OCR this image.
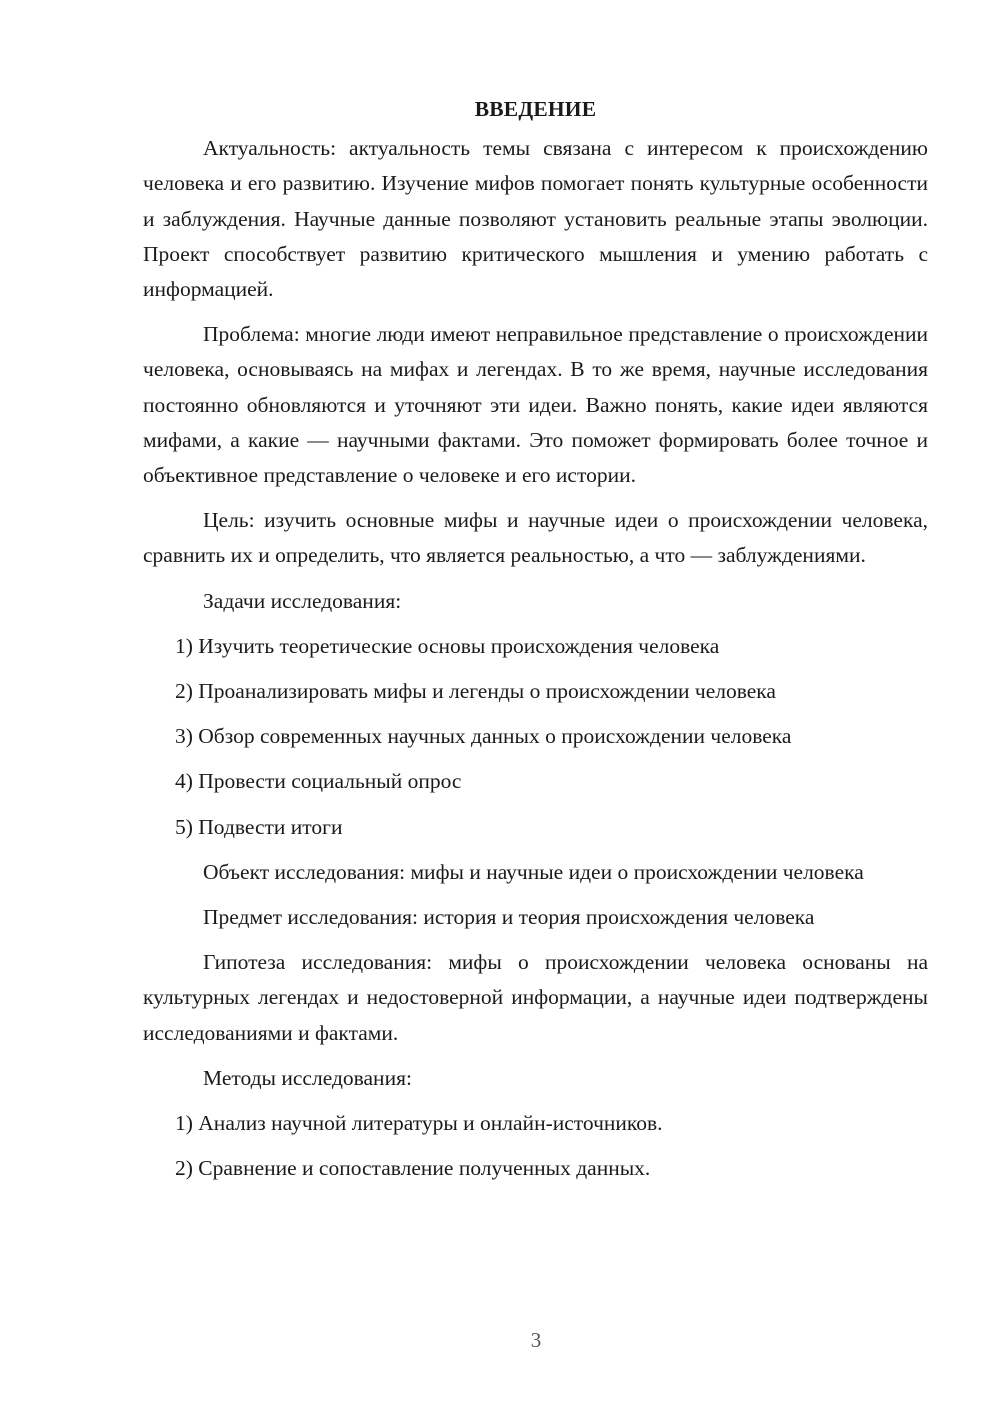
ВВЕДЕНИЕ

Актуальность: актуальность темы связана с интересом к происхождению человека и его развитию. Изучение мифов помогает понять культурные особенности и заблуждения. Научные данные позволяют установить реальные этапы эволюции. Проект способствует развитию критического мышления и умению работать с информацией.

Проблема: многие люди имеют неправильное представление о происхождении человека, основываясь на мифах и легендах. В то же время, научные исследования постоянно обновляются и уточняют эти идеи. Важно понять, какие идеи являются мифами, а какие — научными фактами. Это поможет формировать более точное и объективное представление о человеке и его истории.

Цель: изучить основные мифы и научные идеи о происхождении человека, сравнить их и определить, что является реальностью, а что — заблуждениями.

Задачи исследования:

1) Изучить теоретические основы происхождения человека
2) Проанализировать мифы и легенды о происхождении человека
3) Обзор современных научных данных о происхождении человека
4) Провести социальный опрос
5) Подвести итоги

Объект исследования: мифы и научные идеи о происхождении человека

Предмет исследования: история и теория происхождения человека

Гипотеза исследования: мифы о происхождении человека основаны на культурных легендах и недостоверной информации, а научные идеи подтверждены исследованиями и фактами.

Методы исследования:

1) Анализ научной литературы и онлайн-источников.
2) Сравнение и сопоставление полученных данных.
3
